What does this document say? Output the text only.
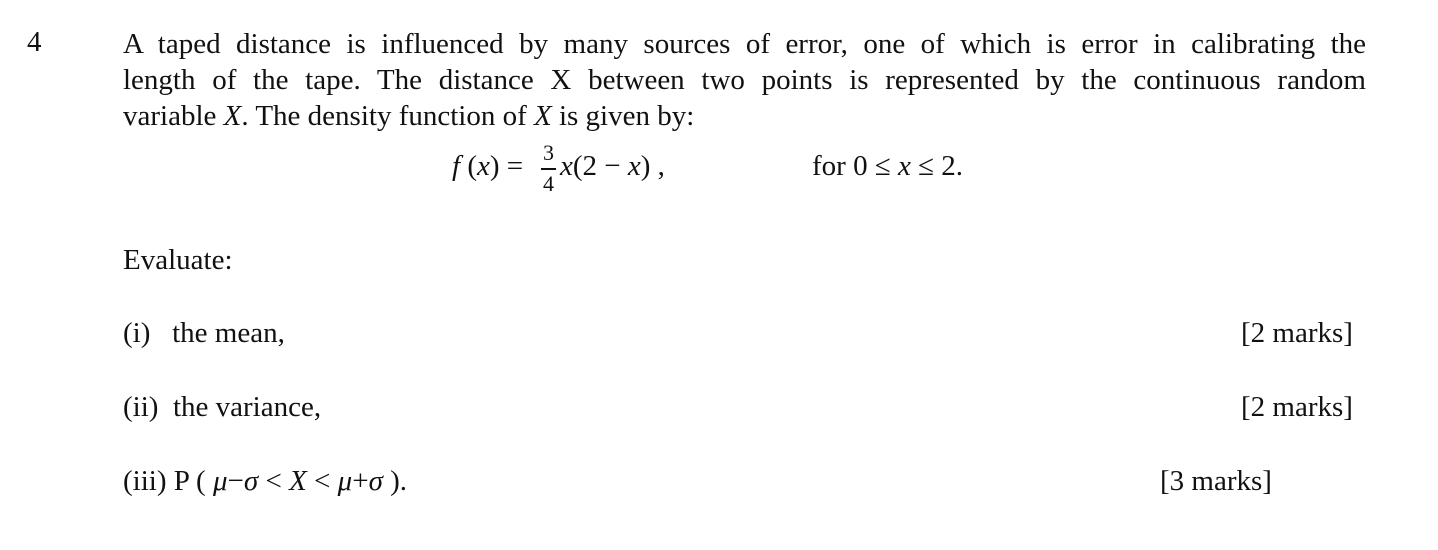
4	A taped distance is influenced by many sources of error, one of which is error in calibrating the
length of the tape. The distance X between two points is represented by the continuous random
variable X. The density function of X is given by:
f (x) = 3
4
x(2 − x) ,	for 0 ≤ x ≤ 2.
Evaluate:
(i) the mean,	[2 marks]
(ii) the variance,	[2 marks]
(iii) P ( μ−σ < X < μ+σ ).	[3 marks]
